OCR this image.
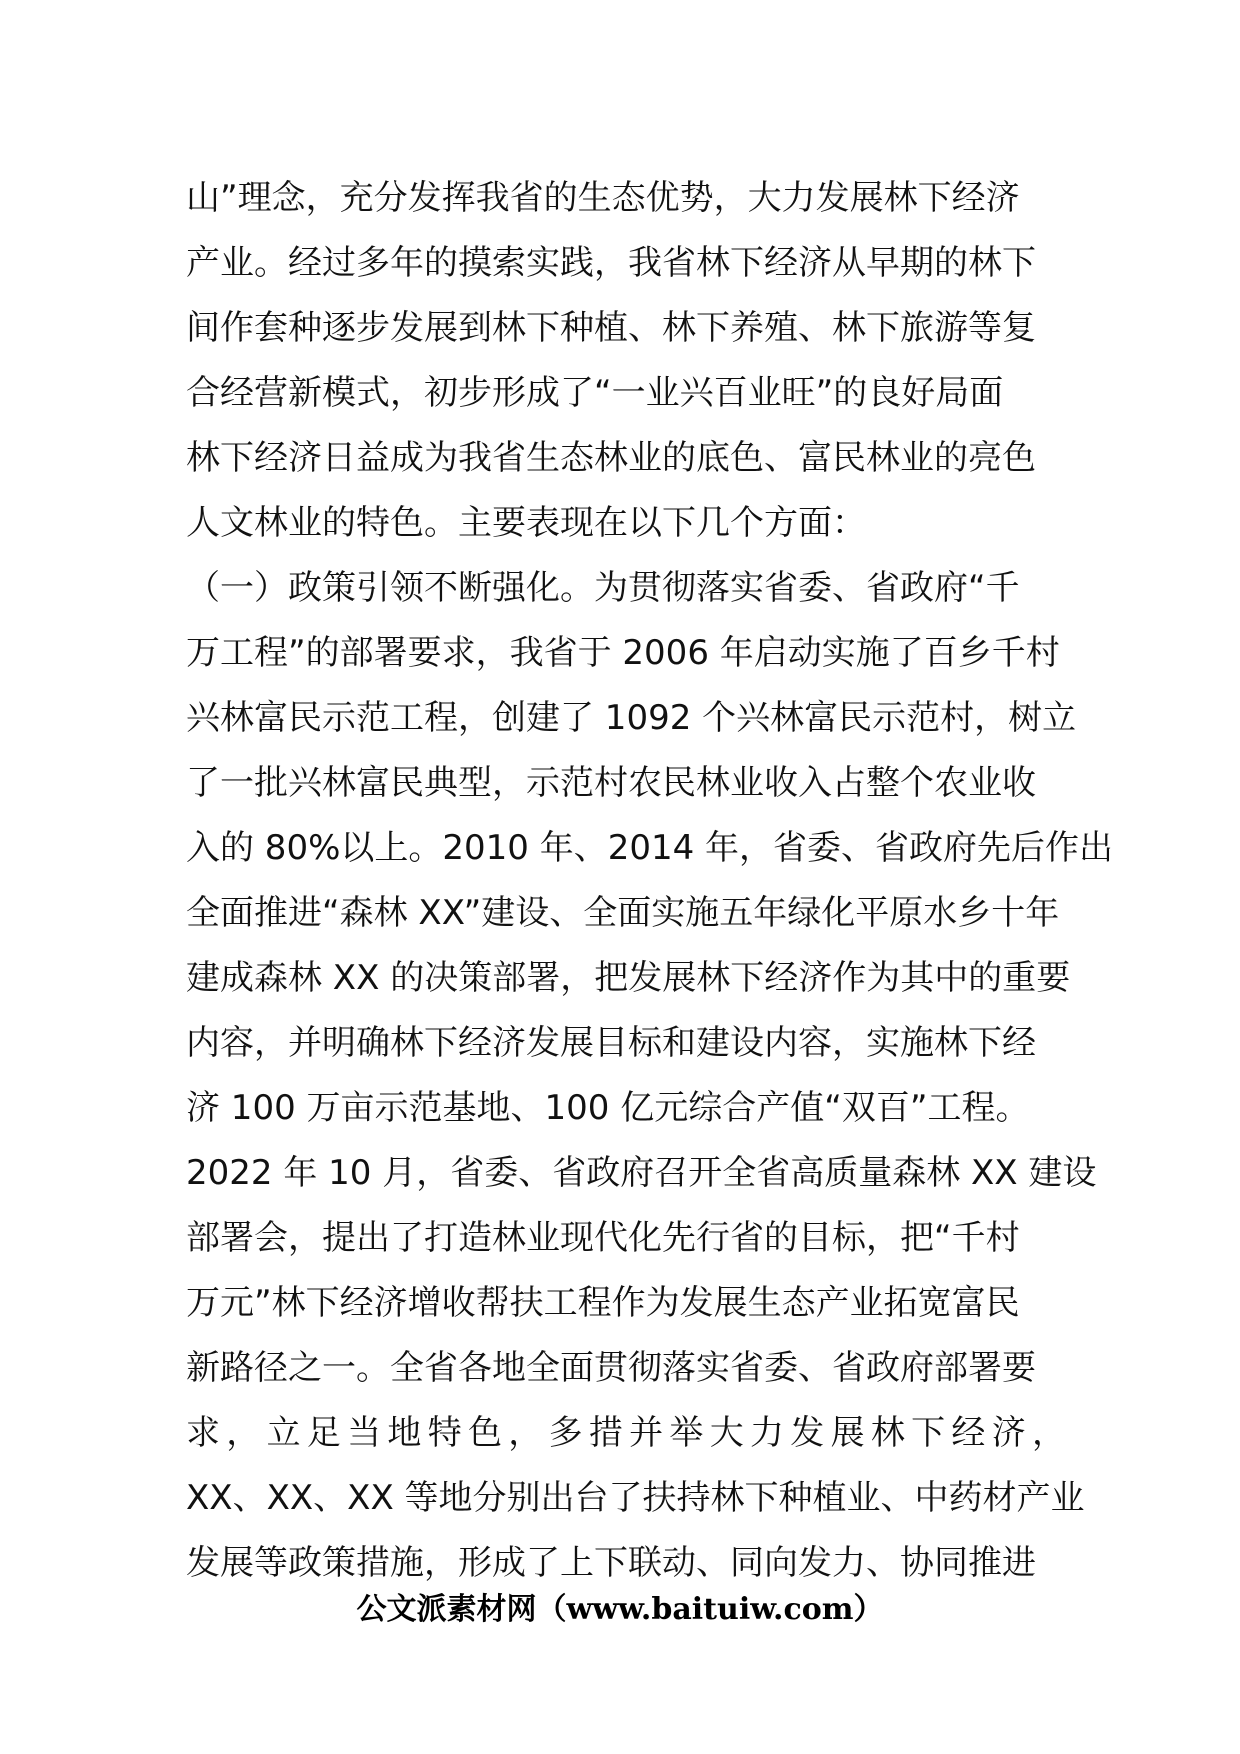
山”理念，充分发挥我省的生态优势，大力发展林下经济
产业。经过多年的摸索实践，我省林下经济从早期的林下
间作套种逐步发展到林下种植、林下养殖、林下旅游等复
合经营新模式，初步形成了“一业兴百业旺”的良好局面
林下经济日益成为我省生态林业的底色、富民林业的亮色
人文林业的特色。主要表现在以下几个方面：
（一）政策引领不断强化。为贯彻落实省委、省政府“千
万工程”的部署要求，我省于 2006 年启动实施了百乡千村
兴林富民示范工程，创建了 1092 个兴林富民示范村，树立
了一批兴林富民典型，示范村农民林业收入占整个农业收
入的 80%以上。2010 年、2014 年，省委、省政府先后作出
全面推进“森林 XX”建设、全面实施五年绿化平原水乡十年
建成森林 XX 的决策部署，把发展林下经济作为其中的重要
内容，并明确林下经济发展目标和建设内容，实施林下经
济 100 万亩示范基地、100 亿元综合产值“双百”工程。
2022 年 10 月，省委、省政府召开全省高质量森林 XX 建设
部署会，提出了打造林业现代化先行省的目标，把“千村
万元”林下经济增收帮扶工程作为发展生态产业拓宽富民
新路径之一。全省各地全面贯彻落实省委、省政府部署要
求，立足当地特色，多措并举大力发展林下经济，
XX、XX、XX 等地分别出台了扶持林下种植业、中药材产业
发展等政策措施，形成了上下联动、同向发力、协同推进
公文派素材网（www.baituiw.com）
